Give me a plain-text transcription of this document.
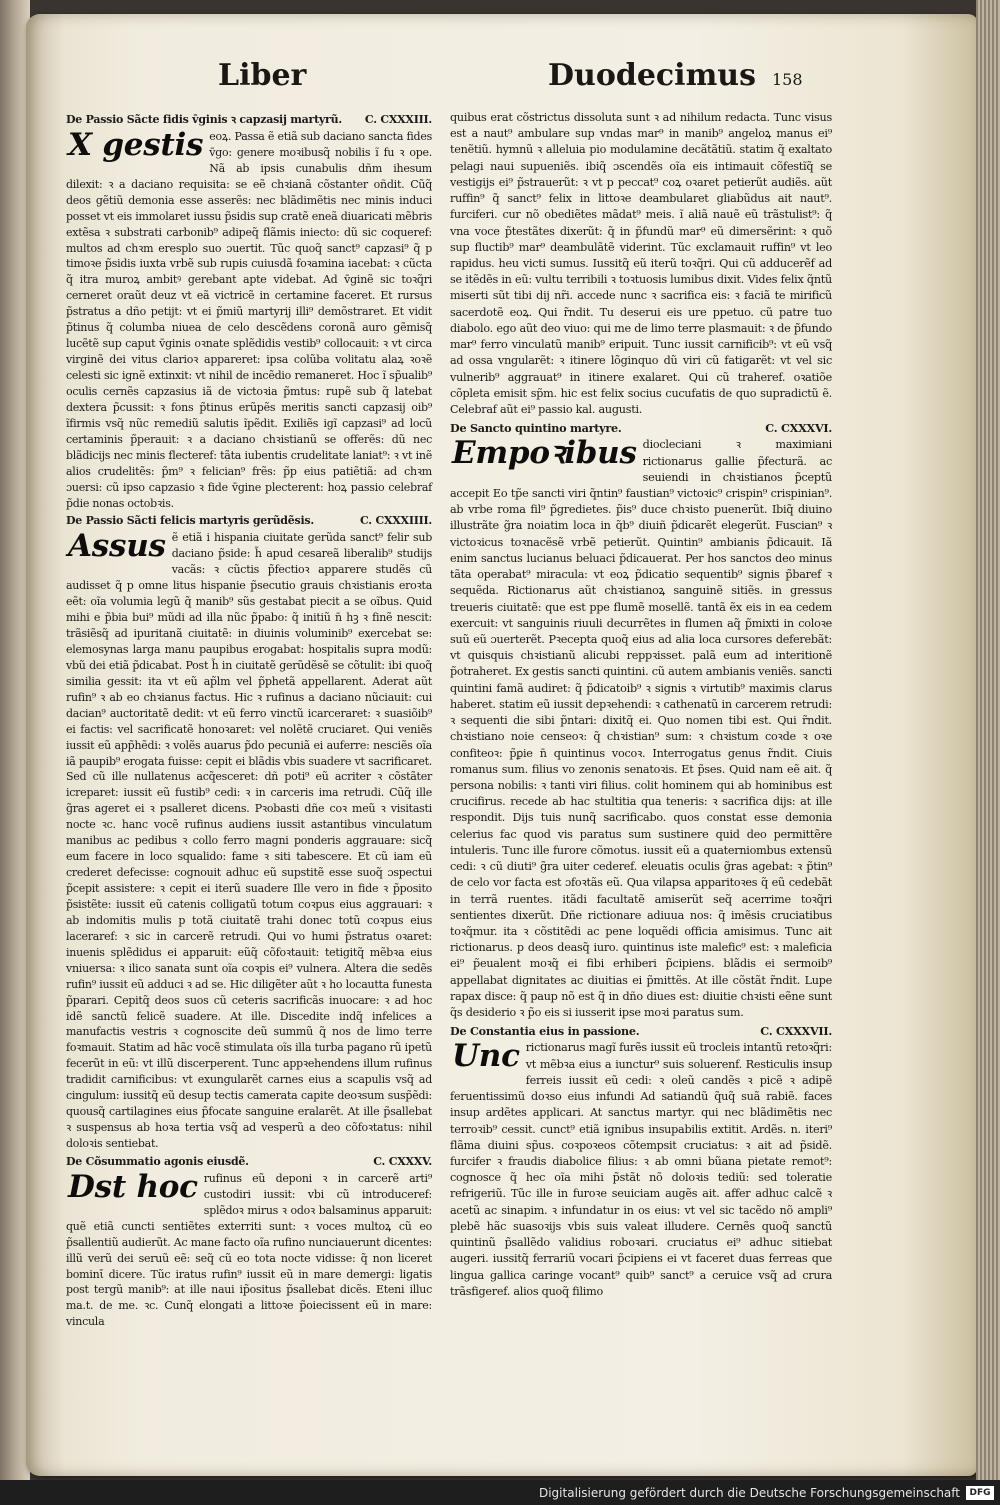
Liber	Duodecimus 158
De Passio Sãcte fidis v̄ginis ꝛ capzasij martyrũ. C. CXXXIII.

X gestis eoꝝ. Passa ẽ etiã sub daciano sancta fides v̄go: genere moꝛibusq̃ nobilis ĩ fu ꝛ ope. Nã ab ipsis cunabulis dñm ihesum dilexit: ꝛ a daciano requisita: se eẽ chꝛianã cõstanter oñdit. Cũq̃ deos gẽtiũ demonia esse asserẽs: nec blãdimẽtis nec minis induci posset vt eis immolaret iussu p̃sidis sup cratẽ eneã diuaricati mẽbris extẽsa ꝛ substrati carbonib⁹ adipeq̃ flãmis iniecto: dũ sic coqueref: multos ad chꝛm eresplo suo ɔuertit. Tũc quoq̃ sanct⁹ capzasi⁹ q̃ p timoꝛe p̃sidis iuxta vrbẽ sub rupis cuiusdã foꝛamina iacebat: ꝛ cũcta q̃ itra muroꝝ ambitꝰ gerebant apte videbat. Ad v̄ginẽ sic toꝛq̃ri cerneret oraũt deuz vt eã victricẽ in certamine faceret. Et rursus p̃stratus a dño petijt: vt ei p̃miũ martyrij illi⁹ demõstraret. Et vidit p̃tinus q̃ columba niuea de celo descẽdens coronã auro gẽmisq̃ lucẽtẽ sup caput v̄ginis oꝛnate splẽdidis vestib⁹ collocauit: ꝛ vt circa virginẽ dei vitus clarioꝛ appareret: ipsa colũba volitatu alaꝝ ꝛoꝛẽ celesti sic ignẽ extinxit: vt nihil de incẽdio remaneret. Hoc ĩ sp̃ualib⁹ oculis cernẽs capzasius iã de victoꝛia p̃mtus: rupẽ sub q̃ latebat dextera p̃cussit: ꝛ fons p̃tinus erũpẽs meritis sancti capzasij oib⁹ ĩfirmis vsq̃ nũc remediũ salutis ĩpẽdit. Exiliẽs igĩ capzasi⁹ ad locũ certaminis p̃perauit: ꝛ a daciano chꝛistianũ se offerẽs: dũ nec blãdicijs nec minis flecteref: tãta iubentis crudelitate laniat⁹: ꝛ vt inẽ alios crudelitẽs: p̃m⁹ ꝛ felician⁹ frẽs: p̃p eius patiẽtiã: ad chꝛm ɔuersi: cũ ipso capzasio ꝛ fide v̄gine plecterent: hoꝝ passio celebraf p̃die nonas octobꝛis.

De Passio Sãcti felicis martyris gerũdẽsis.	C. CXXXIIII.

Assus ẽ etiã i hispania ciuitate gerũda sanct⁹ felir sub daciano p̃side: h̃ apud cesareã liberalib⁹ studijs vacãs: ꝛ cũctis p̃fectioꝛ apparere studẽs cũ audisset q̃ p omne litus hispanie p̃secutio grauis chꝛistianis eroꝛta eẽt: oĩa volumia legũ q̃ manib⁹ sũs gestabat piecit a se oĩbus. Quid mihi e p̃bia bui⁹ mũdi ad illa nũc p̃pabo: q̃ initiũ n̄ hꝫ ꝛ finẽ nescit: trãsiẽsq̃ ad ipuritanã ciuitatẽ: in diuinis voluminib⁹ exercebat se: elemosynas larga manu paupibus erogabat: hospitalis supra modũ: vbũ dei etiã p̃dicabat. Post h̃ in ciuitatẽ gerũdẽsẽ se cõtulit: ibi quoq̃ similia gessit: ita vt eũ ap̃lm vel p̃phetã appellarent. Aderat aũt rufin⁹ ꝛ ab eo chꝛianus factus. Hic ꝛ rufinus a daciano nũciauit: cui dacian⁹ auctoritatẽ dedit: vt eũ ferro vinctũ icarceraret: ꝛ suasiõib⁹ ei factis: vel sacrificatẽ honoꝛaret: vel nolẽtẽ cruciaret. Qui veniẽs iussit eũ app̃hẽdi: ꝛ volẽs auarus p̃do pecuniã ei auferre: nesciẽs oĩa iã paupib⁹ erogata fuisse: cepit ei blãdis vbis suadere vt sacrificaret. Sed cũ ille nullatenus acq̃esceret: dñ poti⁹ eũ acriter ꝛ cõstãter icreparet: iussit eũ fustib⁹ cedi: ꝛ in carceris ima retrudi. Cũq̃ ille g̃ras ageret ei ꝛ psalleret dicens. Pꝛobasti dñe coꝛ meũ ꝛ visitasti nocte ꝛc. hanc vocẽ rufinus audiens iussit astantibus vinculatum manibus ac pedibus ꝛ collo ferro magni ponderis aggrauare: sicq̃ eum facere in loco squalido: fame ꝛ siti tabescere. Et cũ iam eũ crederet defecisse: cognouit adhuc eũ supstitẽ esse suoq̃ ɔspectui p̃cepit assistere: ꝛ cepit ei iterũ suadere Ille vero in fide ꝛ p̃posito p̃sistẽte: iussit eũ catenis colligatũ totum coꝛpus eius aggrauari: ꝛ ab indomitis mulis p totã ciuitatẽ trahi donec totũ coꝛpus eius laceraref: ꝛ sic in carcerẽ retrudi. Qui vo humi p̃stratus oꝛaret: inuenis splẽdidus ei apparuit: eũq̃ cõfoꝛtauit: tetigitq̃ mẽbꝛa eius vniuersa: ꝛ ilico sanata sunt oĩa coꝛpis ei⁹ vulnera. Altera die sedẽs rufin⁹ iussit eũ adduci ꝛ ad se. Hic diligẽter aũt ꝛ ho locautta funesta p̃parari. Cepitq̃ deos suos cũ ceteris sacrificãs inuocare: ꝛ ad hoc idẽ sanctũ felicẽ suadere. At ille. Discedite indq̃ infelices a manufactis vestris ꝛ cognoscite deũ summũ q̃ nos de limo terre foꝛmauit. Statim ad hãc vocẽ stimulata oĩs illa turba pagano rũ ipetũ fecerũt in eũ: vt illũ discerperent. Tunc appꝛehendens illum rufinus tradidit carnificibus: vt exungularẽt carnes eius a scapulis vsq̃ ad cingulum: iussitq̃ eũ desup tectis camerata capite deoꝛsum susp̃ẽdi: quousq̃ cartilagines eius p̃focate sanguine eralarẽt. At ille p̃sallebat ꝛ suspensus ab hoꝛa tertia vsq̃ ad vesperũ a deo cõfoꝛtatus: nihil doloꝛis sentiebat.

De Cõsummatio agonis eiusdẽ.	C. CXXXV.

Dst hoc rufinus eũ deponi ꝛ in carcerẽ arti⁹ custodiri iussit: vbi cũ introduceref: splẽdoꝛ mirus ꝛ odoꝛ balsaminus apparuit: quẽ etiã cuncti sentiẽtes exterriti sunt: ꝛ voces multoꝝ cũ eo p̃sallentiũ audierũt. Ac mane facto oĩa rufino nunciauerunt dicentes: illũ verũ dei seruũ eẽ: seq̃ cũ eo tota nocte vidisse: q̃ non liceret bominῑ dicere. Tũc iratus rufin⁹ iussit eũ in mare demergi: ligatis post tergũ manib⁹: at ille naui ip̃ositus p̃sallebat dicẽs. Eteni illuc ma.t. de me. ꝛc. Cunq̃ elongati a littoꝛe p̃oiecissent eũ in mare: vincula

quibus erat cõstrictus dissoluta sunt ꝛ ad nihilum redacta. Tunc visus est a naut⁹ ambulare sup vndas mar⁹ in manib⁹ angeloꝝ manus ei⁹ tenẽtiũ. hymnũ ꝛ alleluia pio modulamine decãtãtiũ. statim q̃ exaltato pelagi naui supueniẽs. ibiq̃ ɔscendẽs oĩa eis intimauit cõfestĩq̃ se vestigijs ei⁹ p̃strauerũt: ꝛ vt p peccat⁹ coꝝ oꝛaret petierũt audiẽs. aũt ruffin⁹ q̃ sanct⁹ felix in littoꝛe deambularet gliabũdus ait naut⁹. furciferi. cur nõ obediẽtes mãdat⁹ meis. ĩ aliã nauẽ eũ trãstulist⁹: q̃ vna voce p̃testãtes dixerũt: q̃ in p̃fundũ mar⁹ eũ dimersẽrint: ꝛ quõ sup fluctib⁹ mar⁹ deambulãtẽ viderint. Tũc exclamauit ruffin⁹ vt leo rapidus. heu victi sumus. Iussitq̃ eũ iterũ toꝛq̃ri. Qui cũ adducerẽf ad se itẽdẽs in eũ: vultu terribili ꝛ toꝛtuosis lumibus dixit. Vides felix q̃ntũ miserti sũt tibi dij nr̃i. accede nunc ꝛ sacrifica eis: ꝛ faciã te mirificũ sacerdotẽ eoꝝ. Qui r̃ndit. Tu deserui eis ure ppetuo. cũ patre tuo diabolo. ego aũt deo viuo: qui me de limo terre plasmauit: ꝛ de p̃fundo mar⁹ ferro vinculatũ manib⁹ eripuit. Tunc iussit carnificib⁹: vt eũ vsq̃ ad ossa vngularẽt: ꝛ itinere lõginquo dũ viri cũ fatigarẽt: vt vel sic vulnerib⁹ aggrauat⁹ in itinere exalaret. Qui cũ traheref. oꝛatiõe cõpleta emisit sp̃m. hic est felix socius cucufatis de quo supradictũ ẽ. Celebraf aũt ei⁹ passio kal. augusti.

De Sancto quintino martyre.	C. CXXXVI.

Empoꝛibus diocleciani ꝛ maximiani rictionarus gallie p̃fecturã. ac seuiendi in chꝛistianos p̃ceptũ accepit Eo tp̃e sancti viri q̃ntin⁹ faustian⁹ victoꝛic⁹ crispin⁹ crispinian⁹. ab vrbe roma fil⁹ p̃gredietes. p̃is⁹ duce chꝛisto puenerũt. Ibiq̃ diuino illustrãte g̃ra noiatim loca in q̃b⁹ diuiñ p̃dicarẽt elegerũt. Fuscian⁹ ꝛ victoꝛicus toꝛnacẽsẽ vrbẽ petierũt. Quintin⁹ ambianis p̃dicauit. Iã enim sanctus lucianus beluaci p̃dicauerat. Per hos sanctos deo minus tãta operabat⁹ miracula: vt eoꝝ p̃dicatio sequentib⁹ signis p̃baref ꝛ sequẽda. Rictionarus aũt chꝛistianoꝝ sanguinẽ sitiẽs. in gressus treueris ciuitatẽ: que est ppe flumẽ mosellẽ. tantã ẽx eis in ea cedem exercuit: vt sanguinis riuuli decurrẽtes in flumen aq̃ p̃mixti in coloꝛe suũ eũ ɔuerterẽt. Pꝛecepta quoq̃ eius ad alia loca cursores deferebãt: vt quisquis chꝛistianũ alicubi reppꝛisset. palã eum ad interitionẽ p̃otraheret. Ex gestis sancti quintini. cũ autem ambianis veniẽs. sancti quintini famã audiret: q̃ p̃dicatoib⁹ ꝛ signis ꝛ virtutib⁹ maximis clarus haberet. statim eũ iussit depꝛehendi: ꝛ cathenatũ in carcerem retrudi: ꝛ sequenti die sibi p̃ntari: dixitq̃ ei. Quo nomen tibi est. Qui r̃ndit. chꝛistiano noie censeoꝛ: q̃ chꝛistian⁹ sum: ꝛ chꝛistum coꝛde ꝛ oꝛe confiteoꝛ: p̃ꝑie n̄ quintinus vocoꝛ. Interrogatus genus r̃ndit. Ciuis romanus sum. filius vo zenonis senatoꝛis. Et p̃ses. Quid nam eẽ ait. q̃ persona nobilis: ꝛ tanti viri filius. colit hominem qui ab hominibus est crucifirus. recede ab hac stultitia qua teneris: ꝛ sacrifica dijs: at ille respondit. Dijs tuis nunq̃ sacrificabo. quos constat esse demonia celerius fac quod vis paratus sum sustinere quid deo permittẽre intuleris. Tunc ille furore cõmotus. iussit eũ a quaterniombus extensũ cedi: ꝛ cũ diuti⁹ g̃ra uiter cederef. eleuatis oculis g̃ras agebat: ꝛ p̃tin⁹ de celo vor facta est ɔfoꝛtãs eũ. Qua vilapsa apparitoꝛes q̃ eũ cedebãt in terrã ruentes. itãdi facultatẽ amiserũt seq̃ acerrime toꝛq̃ri sentientes dixerũt. Dñe rictionare adiuua nos: q̃ imẽsis cruciatibus toꝛq̃mur. ita ꝛ cõstitẽdi ac pene loquẽdi officia amisimus. Tunc ait rictionarus. p deos deasq̃ iuro. quintinus iste malefic⁹ est: ꝛ maleficia ei⁹ p̃eualent moꝛq̃ ei fibi erhiberi p̃cipiens. blãdis ei sermoib⁹ appellabat dignitates ac diuitias ei p̃mittẽs. At ille cõstãt r̃ndit. Lupe rapax disce: q̃ paup nõ est q̃ in dño diues est: diuitie chꝛisti eẽne sunt q̃s desiderio ꝛ p̃o eis si iusserit ipse moꝛi paratus sum.

De Constantia eius in passione.	C. CXXXVII.

Unc rictionarus magĩ furẽs iussit eũ trocleis intantũ retoꝛq̃ri: vt mẽbꝛa eius a iunctur⁹ suis soluerenf. Resticulis insup ferreis iussit eũ cedi: ꝛ oleũ candẽs ꝛ picẽ ꝛ adipẽ feruentissimũ doꝛso eius infundi Ad satiandũ q̃uq̃ suã rabiẽ. faces insup ardẽtes applicari. At sanctus martyr. qui nec blãdimẽtis nec terroꝛib⁹ cessit. cunct⁹ etiã ignibus insupabilis extitit. Ardẽs. n. iteri⁹ flãma diuini sp̃us. coꝛpoꝛeos cõtempsit cruciatus: ꝛ ait ad p̃sidẽ. furcifer ꝛ fraudis diabolice filius: ꝛ ab omni bũana pietate remot⁹: cognosce q̃ hec oĩa mihi p̃stãt nõ doloꝛis tediũ: sed toleratie refrigeriũ. Tũc ille in furoꝛe seuiciam augẽs ait. affer adhuc calcẽ ꝛ acetũ ac sinapim. ꝛ infundatur in os eius: vt vel sic tacẽdo nõ ampli⁹ plebẽ hãc suasoꝛijs vbis suis valeat illudere. Cernẽs quoq̃ sanctũ quintinũ p̃sallẽdo validius roboꝛari. cruciatus ei⁹ adhuc sitiebat augeri. iussitq̃ ferrariũ vocari p̃cipiens ei vt faceret duas ferreas que lingua gallica caringe vocant⁹ quib⁹ sanct⁹ a ceruice vsq̃ ad crura trãsfigeref. alios quoq̃ filimo

Digitalisierung gefördert durch die Deutsche Forschungsgemeinschaft	DFG
